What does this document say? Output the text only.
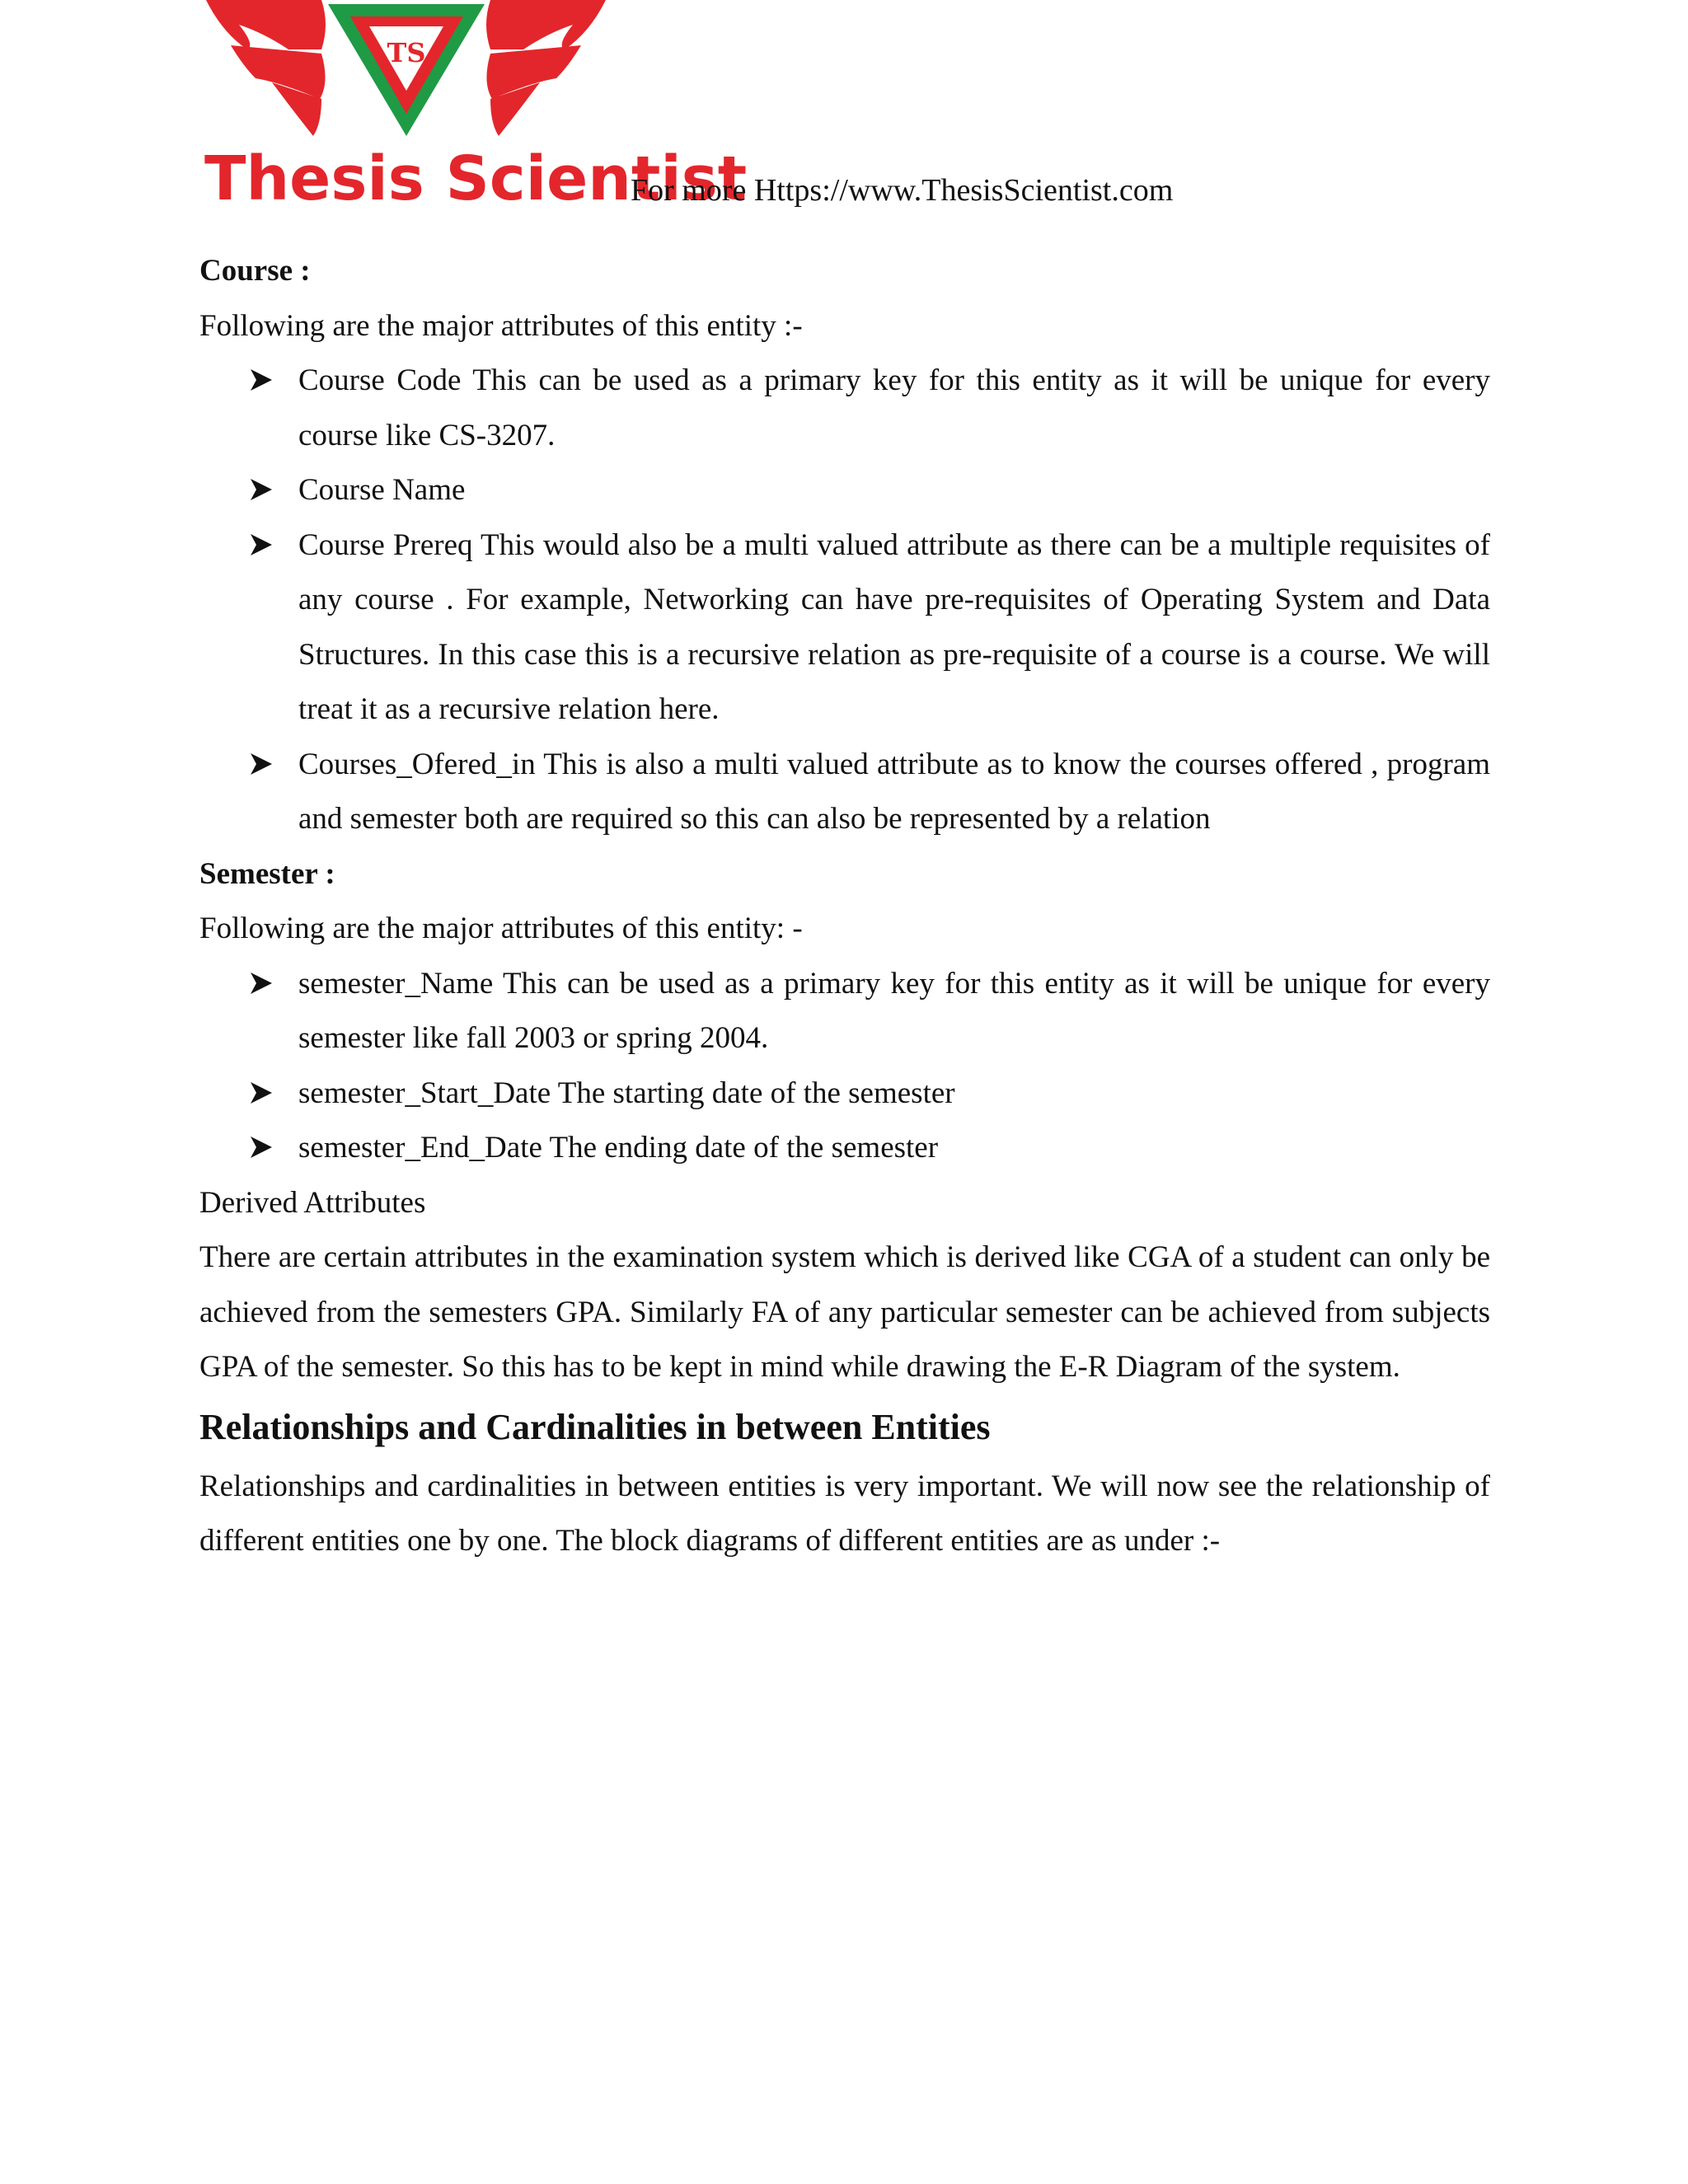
TS
Thesis Scientist
For more Https://www.ThesisScientist.com
Course :
Following are the major attributes of this entity :-
Course Code This can be used as a primary key for this entity as it will be unique for every course like CS-3207.
Course Name
Course Prereq This would also be a multi valued attribute as there can be a multiple requisites of any course . For example, Networking can have pre-requisites of Operating System and Data Structures. In this case this is a recursive relation as pre-requisite of a course is a course. We will treat it as a recursive relation here.
Courses_Ofered_in This is also a multi valued attribute as to know the courses offered , program and semester both are required so this can also be represented by a relation
Semester :
Following are the major attributes of this entity: -
semester_Name This can be used as a primary key for this entity as it will be unique for every semester like fall 2003 or spring 2004.
semester_Start_Date The starting date of the semester
semester_End_Date The ending date of the semester
Derived Attributes
There are certain attributes in the examination system which is derived like CGA of a student can only be achieved from the semesters GPA. Similarly FA of any particular semester can be achieved from subjects GPA of the semester. So this has to be kept in mind while drawing the E-R Diagram of the system.
Relationships and Cardinalities in between Entities
Relationships and cardinalities in between entities is very important. We will now see the relationship of different entities one by one. The block diagrams of different entities are as under :-
